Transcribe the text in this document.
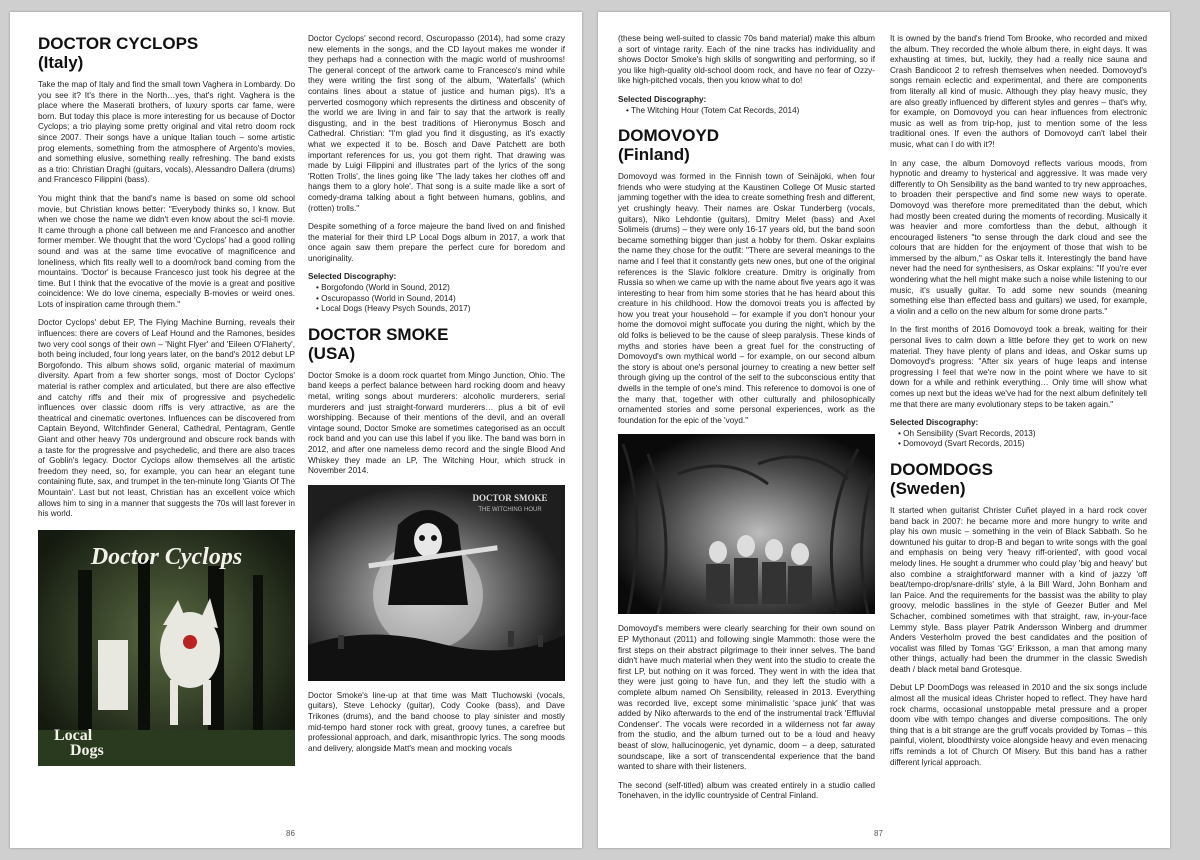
DOCTOR CYCLOPS
(Italy)

Take the map of Italy and find the small town Vaghera in Lombardy. Do you see it? It's there in the North…yes, that's right. Vaghera is the place where the Maserati brothers, of luxury sports car fame, were born. But today this place is more interesting for us because of Doctor Cyclops; a trio playing some pretty original and vital retro doom rock since 2007. Their songs have a unique Italian touch – some artistic prog elements, something from the atmosphere of Argento's movies, and something elusive, something really refreshing. The band exists as a trio: Christian Draghi (guitars, vocals), Alessandro Dallera (drums) and Francesco Filippini (bass).

You might think that the band's name is based on some old school movie, but Christian knows better: "Everybody thinks so, I know. But when we chose the name we didn't even know about the sci-fi movie. It came through a phone call between me and Francesco and another former member. We thought that the word 'Cyclops' had a good rolling sound and was at the same time evocative of magnificence and loneliness, which fits really well to a doom/rock band coming from the mountains. 'Doctor' is because Francesco just took his degree at the time. But I think that the evocative of the movie is a great and positive coincidence: We do love cinema, especially B-movies or weird ones. Lots of inspiration came through them."

Doctor Cyclops' debut EP, The Flying Machine Burning, reveals their influences: there are covers of Leaf Hound and the Ramones, besides two very cool songs of their own – 'Night Flyer' and 'Eileen O'Flaherty', both being included, four long years later, on the band's 2012 debut LP Borgofondo. This album shows solid, organic material of maximum diversity. Apart from a few shorter songs, most of Doctor Cyclops' material is rather complex and articulated, but there are also effective and catchy riffs and their mix of progressive and psychedelic influences over classic doom riffs is very attractive, as are the theatrical and cinematic overtones. Influences can be discovered from Captain Beyond, Witchfinder General, Cathedral, Pentagram, Gentle Giant and other heavy 70s underground and obscure rock bands with a taste for the progressive and psychedelic, and there are also traces of Goblin's legacy. Doctor Cyclops allow themselves all the artistic freedom they need, so, for example, you can hear an elegant tune containing flute, sax, and trumpet in the ten-minute long 'Giants Of The Mountain'. Last but not least, Christian has an excellent voice which allows him to sing in a manner that suggests the 70s will last forever in his world.

Doctor Cyclops
Local
Dogs

Doctor Cyclops' second record, Oscuropasso (2014), had some crazy new elements in the songs, and the CD layout makes me wonder if they perhaps had a connection with the magic world of mushrooms! The general concept of the artwork came to Francesco's mind while they were writing the first song of the album, 'Waterfalls' (which contains lines about a statue of justice and human pigs). It's a perverted cosmogony which represents the dirtiness and obscenity of the world we are living in and fair to say that the artwork is really disgusting, and in the best traditions of Hieronymus Bosch and Cathedral. Christian: "I'm glad you find it disgusting, as it's exactly what we expected it to be. Bosch and Dave Patchett are both important references for us, you got them right. That drawing was made by Luigi Filippini and illustrates part of the lyrics of the song 'Rotten Trolls', the lines going like 'The lady takes her clothes off and hangs them to a glory hole'. That song is a suite made like a sort of comedy-drama talking about a fight between humans, goblins, and (rotten) trolls."

Despite something of a force majeure the band lived on and finished the material for their third LP Local Dogs album in 2017, a work that once again saw them prepare the perfect cure for boredom and unoriginality.

Selected Discography:
• Borgofondo (World in Sound, 2012)
• Oscuropasso (World in Sound, 2014)
• Local Dogs (Heavy Psych Sounds, 2017)
DOCTOR SMOKE
(USA)

Doctor Smoke is a doom rock quartet from Mingo Junction, Ohio. The band keeps a perfect balance between hard rocking doom and heavy metal, writing songs about murderers: alcoholic murderers, serial murderers and just straight-forward murderers… plus a bit of evil worshipping. Because of their mentions of the devil, and an overall vintage sound, Doctor Smoke are sometimes categorised as an occult rock band and you can use this label if you like. The band was born in 2012, and after one nameless demo record and the single Blood And Whiskey they made an LP, The Witching Hour, which struck in November 2014.

DOCTOR SMOKE
THE WITCHING HOUR

Doctor Smoke's line-up at that time was Matt Tluchowski (vocals, guitars), Steve Lehocky (guitar), Cody Cooke (bass), and Dave Trikones (drums), and the band choose to play sinister and mostly mid-tempo hard stoner rock with great, groovy tunes, a carefree but professional approach, and dark, misanthropic lyrics. The song moods and delivery, alongside Matt's mean and mocking vocals

86

(these being well-suited to classic 70s band material) make this album a sort of vintage rarity. Each of the nine tracks has individuality and shows Doctor Smoke's high skills of songwriting and performing, so if you like high-quality old-school doom rock, and have no fear of Ozzy-like high-pitched vocals, then you know what to do!

Selected Discography:
• The Witching Hour (Totem Cat Records, 2014)
DOMOVOYD
(Finland)

Domovoyd was formed in the Finnish town of Seinäjoki, when four friends who were studying at the Kaustinen College Of Music started jamming together with the idea to create something fresh and different, yet crushingly heavy. Their names are Oskar Tunderberg (vocals, guitars), Niko Lehdontie (guitars), Dmitry Melet (bass) and Axel Solimeis (drums) – they were only 16-17 years old, but the band soon became something bigger than just a hobby for them. Oskar explains the name they chose for the outfit: "There are several meanings to the name and I feel that it constantly gets new ones, but one of the original references is the Slavic folklore creature. Dmitry is originally from Russia so when we came up with the name about five years ago it was interesting to hear from him some stories that he has heard about this creature in his childhood. How the domovoi treats you is affected by how you treat your household – for example if you don't honour your home the domovoi might suffocate you during the night, which by the old folks is believed to be the cause of sleep paralysis. These kinds of myths and stories have been a great fuel for the constructing of Domovoyd's own mythical world – for example, on our second album the story is about one's personal journey to creating a new better self through giving up the control of the self to the subconscious entity that dwells in the temple of one's mind. This reference to domovoi is one of the many that, together with other culturally and philosophically ornamented stories and some personal experiences, work as the foundation for the epic of the 'voyd."

Domovoyd's members were clearly searching for their own sound on EP Mythonaut (2011) and following single Mammoth: those were the first steps on their abstract pilgrimage to their inner selves. The band didn't have much material when they went into the studio to create the first LP, but nothing on it was forced. They went in with the idea that they were just going to have fun, and they left the studio with a complete album named Oh Sensibility, released in 2013. Everything was recorded live, except some minimalistic 'space junk' that was added by Niko afterwards to the end of the instrumental track 'Effluvial Condenser'. The vocals were recorded in a wilderness not far away from the studio, and the album turned out to be a loud and heavy beast of slow, hallucinogenic, yet dynamic, doom – a deep, saturated soundscape, like a sort of transcendental experience that the band wanted to share with their listeners.

The second (self-titled) album was created entirely in a studio called Tonehaven, in the idyllic countryside of Central Finland.

It is owned by the band's friend Tom Brooke, who recorded and mixed the album. They recorded the whole album there, in eight days. It was exhausting at times, but, luckily, they had a really nice sauna and Crash Bandicoot 2 to refresh themselves when needed. Domovoyd's songs remain eclectic and experimental, and there are components from literally all kind of music. Although they play heavy music, they are also greatly influenced by different styles and genres – that's why, for example, on Domovoyd you can hear influences from electronic music as well as from trip-hop, just to mention some of the less traditional ones. If even the authors of Domovoyd can't label their music, what can I do with it?!

In any case, the album Domovoyd reflects various moods, from hypnotic and dreamy to hysterical and aggressive. It was made very differently to Oh Sensibility as the band wanted to try new approaches, to broaden their perspective and find some new ways to operate. Domovoyd was therefore more premeditated than the debut, which had mostly been created during the moments of recording. Musically it was heavier and more comfortless than the debut, although it encouraged listeners "to sense through the dark cloud and see the colours that are hidden for the enjoyment of those that wish to be immersed by the album," as Oskar tells it. Interestingly the band have never had the need for synthesisers, as Oskar explains: "If you're ever wondering what the hell might make such a noise while listening to our music, it's usually guitar. To add some new sounds (meaning something else than effected bass and guitars) we used, for example, a violin and a cello on the new album for some drone parts."

In the first months of 2016 Domovoyd took a break, waiting for their personal lives to calm down a little before they get to work on new material. They have plenty of plans and ideas, and Oskar sums up Domovoyd's progress: "After six years of huge leaps and intense progressing I feel that we're now in the point where we have to sit down for a while and rethink everything… Only time will show what comes up next but the ideas we've had for the next album definitely tell me that there are many evolutionary steps to be taken again."

Selected Discography:
• Oh Sensibility (Svart Records, 2013)
• Domovoyd (Svart Records, 2015)
DOOMDOGS
(Sweden)

It started when guitarist Christer Cuñet played in a hard rock cover band back in 2007: he became more and more hungry to write and play his own music – something in the vein of Black Sabbath. So he downtuned his guitar to drop-B and began to write songs with the goal and emphasis on being very 'heavy riff-oriented', with good vocal melody lines. He sought a drummer who could play 'big and heavy' but also combine a straightforward manner with a kind of jazzy 'off beat/tempo-drop/snare-drills' style, á la Bill Ward, John Bonham and Ian Paice. And the requirements for the bassist was the ability to play groovy, melodic basslines in the style of Geezer Butler and Mel Schacher, combined sometimes with that straight, raw, in-your-face Lemmy style. Bass player Patrik Andersson Winberg and drummer Anders Vesterholm proved the best candidates and the position of vocalist was filled by Tomas 'GG' Eriksson, a man that among many other things, actually had been the drummer in the classic Swedish death / black metal band Grotesque.

Debut LP DoomDogs was released in 2010 and the six songs include almost all the musical ideas Christer hoped to reflect. They have hard rock charms, occasional unstoppable metal pressure and a proper doom vibe with tempo changes and diverse compositions. The only thing that is a bit strange are the gruff vocals provided by Tomas – this painful, violent, bloodthirsty voice alongside heavy and even menacing riffs reminds a lot of Church Of Misery. But this band has a rather different lyrical approach.

87
